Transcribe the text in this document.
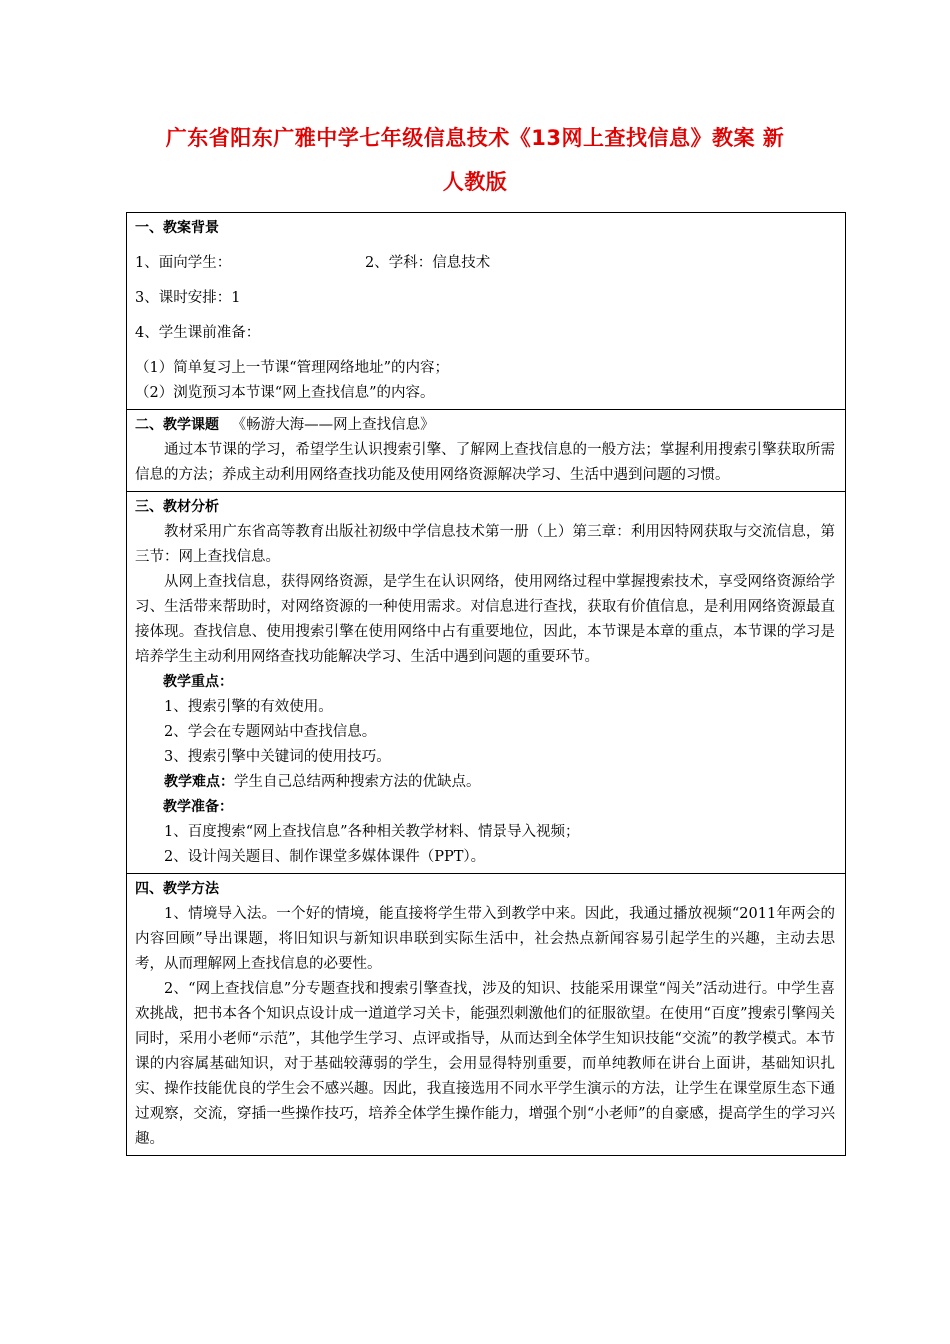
广东省阳东广雅中学七年级信息技术《13网上查找信息》教案 新
人教版
一、教案背景
1、面向学生：	2、学科：信息技术
3、课时安排：1
4、学生课前准备：
（1）简单复习上一节课“管理网络地址”的内容；
（2）浏览预习本节课“网上查找信息”的内容。

二、教学课题 《畅游大海——网上查找信息》

通过本节课的学习，希望学生认识搜索引擎、了解网上查找信息的一般方法；掌握利用搜索引擎获取所需信息的方法；养成主动利用网络查找功能及使用网络资源解决学习、生活中遇到问题的习惯。

三、教材分析

教材采用广东省高等教育出版社初级中学信息技术第一册（上）第三章：利用因特网获取与交流信息，第三节：网上查找信息。

从网上查找信息，获得网络资源，是学生在认识网络，使用网络过程中掌握搜索技术，享受网络资源给学习、生活带来帮助时，对网络资源的一种使用需求。对信息进行查找，获取有价值信息，是利用网络资源最直接体现。查找信息、使用搜索引擎在使用网络中占有重要地位，因此，本节课是本章的重点，本节课的学习是培养学生主动利用网络查找功能解决学习、生活中遇到问题的重要环节。

教学重点：

1、搜索引擎的有效使用。

2、学会在专题网站中查找信息。

3、搜索引擎中关键词的使用技巧。

教学难点：学生自己总结两种搜索方法的优缺点。

教学准备：

1、百度搜索“网上查找信息”各种相关教学材料、情景导入视频；

2、设计闯关题目、制作课堂多媒体课件（PPT）。

四、教学方法

1、情境导入法。一个好的情境，能直接将学生带入到教学中来。因此，我通过播放视频“2011年两会的内容回顾”导出课题，将旧知识与新知识串联到实际生活中，社会热点新闻容易引起学生的兴趣，主动去思考，从而理解网上查找信息的必要性。

2、“网上查找信息”分专题查找和搜索引擎查找，涉及的知识、技能采用课堂“闯关”活动进行。中学生喜欢挑战，把书本各个知识点设计成一道道学习关卡，能强烈刺激他们的征服欲望。在使用“百度”搜索引擎闯关同时，采用小老师“示范”，其他学生学习、点评或指导，从而达到全体学生知识技能“交流”的教学模式。本节课的内容属基础知识，对于基础较薄弱的学生，会用显得特别重要，而单纯教师在讲台上面讲，基础知识扎实、操作技能优良的学生会不感兴趣。因此，我直接选用不同水平学生演示的方法，让学生在课堂原生态下通过观察，交流，穿插一些操作技巧，培养全体学生操作能力，增强个别“小老师”的自豪感，提高学生的学习兴趣。
